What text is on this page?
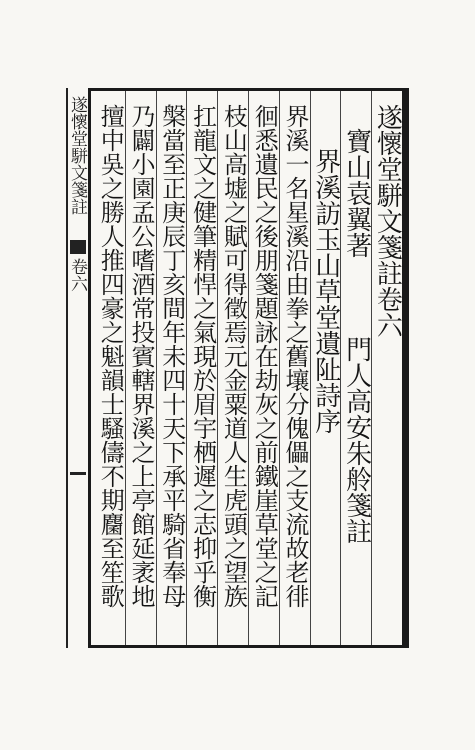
遂懷堂駢文箋註
卷六	遂懷堂駢文箋註卷六
寶山袁翼著　　　門人高安朱舲箋註
界溪訪玉山草堂遺阯詩序
界溪一名星溪沿由拳之舊壤分傀儡之支流故老徘
徊悉遺民之後朋箋題詠在劫灰之前鐵崖草堂之記
枝山高墟之賦可得徵焉元金粟道人生虎頭之望族
扛龍文之健筆精悍之氣現於眉宇栖遲之志抑乎衡
槃當至正庚辰丁亥間年未四十天下承平騎省奉母
乃闢小園孟公嗜酒常投賓轄界溪之上亭館延袤地
擅中吳之勝人推四豪之魁韻士騷儔不期麕至笙歌
